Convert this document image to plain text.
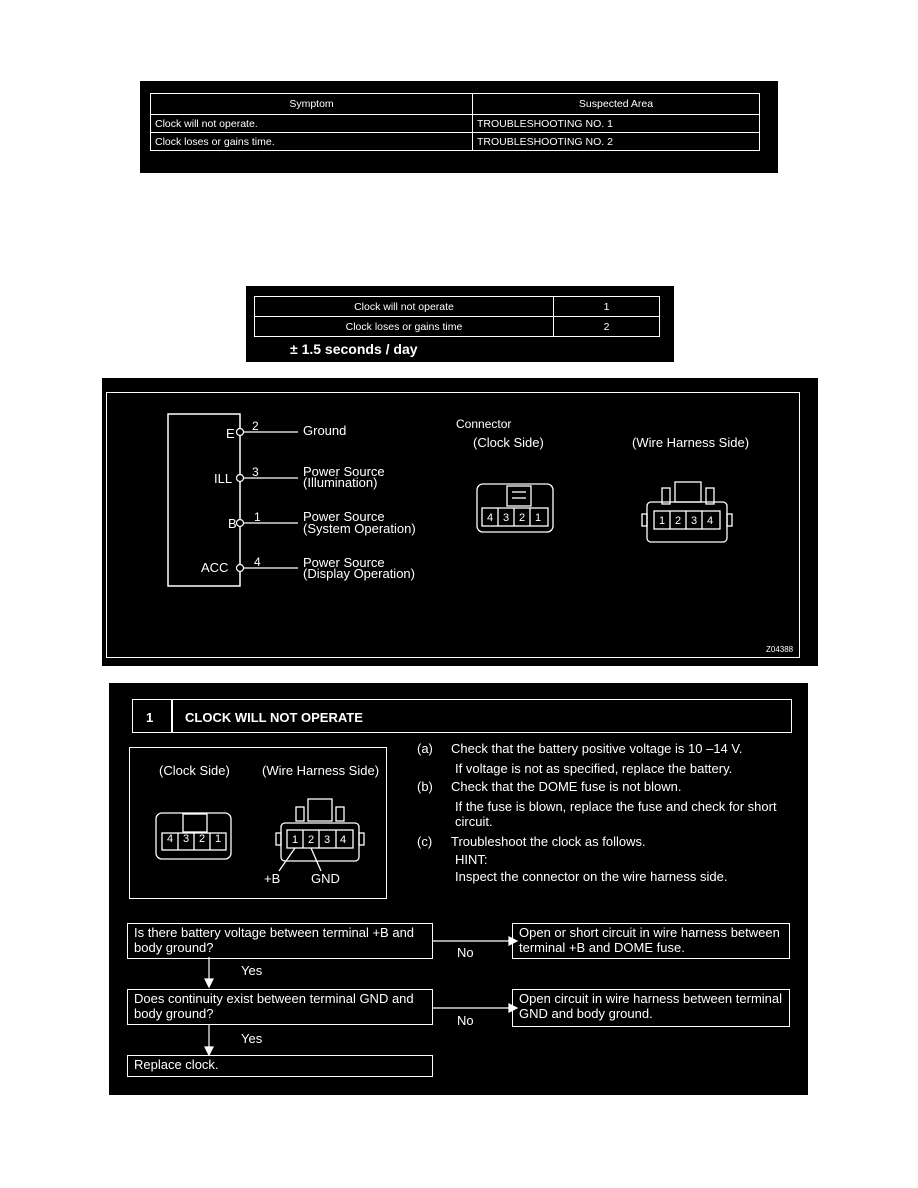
Symptom	Suspected Area
Clock will not operate.	TROUBLESHOOTING NO. 1
Clock loses or gains time.	TROUBLESHOOTING NO. 2
Clock will not operate	1
Clock loses or gains time	2
± 1.5 seconds / day
E 2	Ground
ILL 3	Power Source
(Illumination)
B 1	Power Source
(System Operation)
ACC 4	Power Source
(Display Operation)
Connector
(Clock Side)	(Wire Harness Side)
4 3 2 1	1 2 3 4
Z04388
1 CLOCK WILL NOT OPERATE
(Clock Side) (Wire Harness Side)
4 3 2 1	1 2 3 4
+B GND
(a) Check that the battery positive voltage is 10 –14 V.
If voltage is not as specified, replace the battery.
(b) Check that the DOME fuse is not blown.
If the fuse is blown, replace the fuse and check for short circuit.
(c) Troubleshoot the clock as follows.
HINT:
Inspect the connector on the wire harness side.
Is there battery voltage between terminal +B and body ground?
Open or short circuit in wire harness between terminal +B and DOME fuse.
Does continuity exist between terminal GND and body ground?
Open circuit in wire harness between terminal GND and body ground.
Replace clock.
No
No
Yes
Yes
